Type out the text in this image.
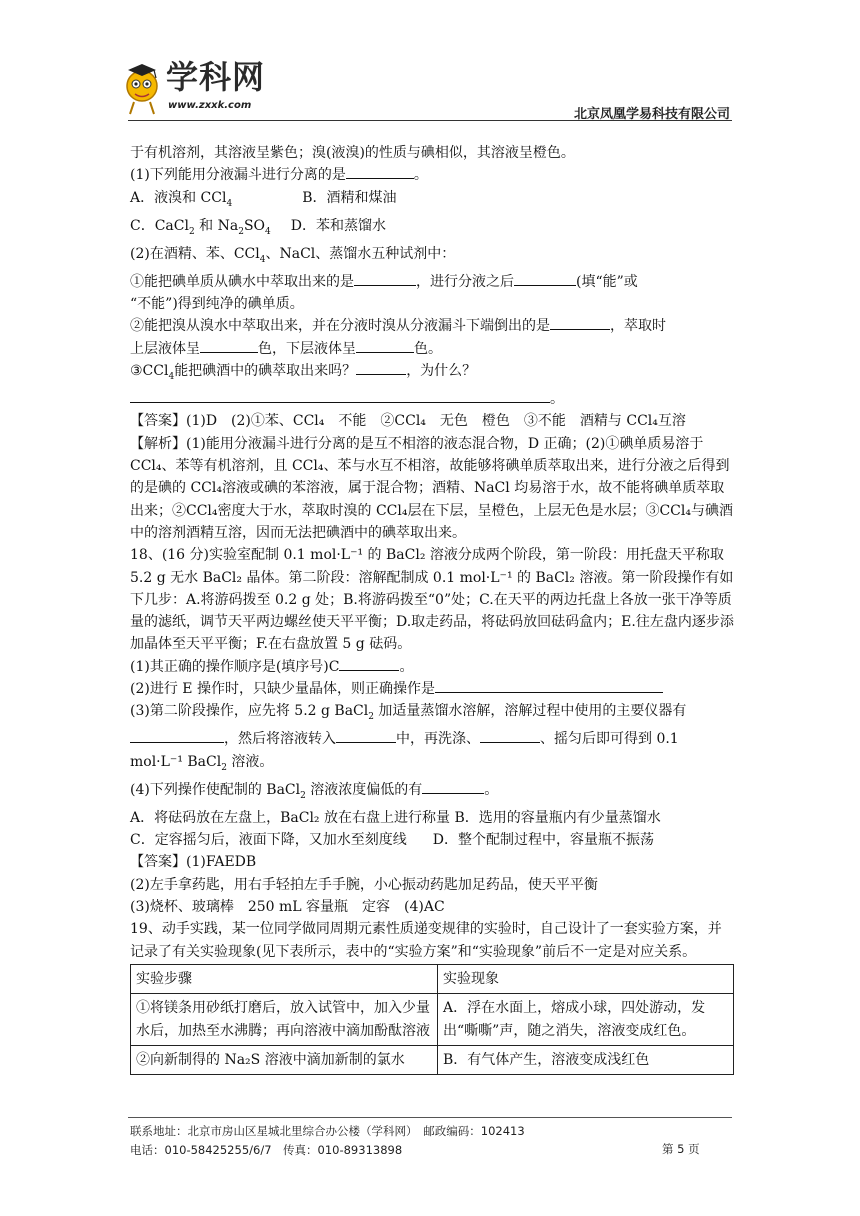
学科网
www.zxxk.com
北京凤凰学易科技有限公司

于有机溶剂，其溶液呈紫色；溴(液溴)的性质与碘相似，其溶液呈橙色。

(1)下列能用分液漏斗进行分离的是	。

A．液溴和 CCl$_4$	B．酒精和煤油

C．CaCl$_2$ 和 $Na_2SO_4$ D．苯和蒸馏水

(2)在酒精、苯、CCl$_4$、NaCl、蒸馏水五种试剂中：

①能把碘单质从碘水中萃取出来的是	，进行分液之后	(填“能”或

“不能”)得到纯净的碘单质。

②能把溴从溴水中萃取出来，并在分液时溴从分液漏斗下端倒出的是	，萃取时

上层液体呈	色，下层液体呈	色。

③CCl$_4$能把碘酒中的碘萃取出来吗？	，为什么？

。

【答案】(1)D　(2)①苯、CCl₄　不能　②CCl₄　无色　橙色　③不能　酒精与 CCl₄互溶

【解析】(1)能用分液漏斗进行分离的是互不相溶的液态混合物，D 正确；(2)①碘单质易溶于 CCl₄、苯等有机溶剂，且 CCl₄、苯与水互不相溶，故能够将碘单质萃取出来，进行分液之后得到的是碘的 CCl₄溶液或碘的苯溶液，属于混合物；酒精、NaCl 均易溶于水，故不能将碘单质萃取出来；②CCl₄密度大于水，萃取时溴的 CCl₄层在下层，呈橙色，上层无色是水层；③CCl₄与碘酒中的溶剂酒精互溶，因而无法把碘酒中的碘萃取出来。

18、(16 分)实验室配制 0.1 mol·L⁻¹ 的 BaCl₂ 溶液分成两个阶段，第一阶段：用托盘天平称取 5.2 g 无水 BaCl₂ 晶体。第二阶段：溶解配制成 0.1 mol·L⁻¹ 的 BaCl₂ 溶液。第一阶段操作有如下几步：A.将游码拨至 0.2 g 处；B.将游码拨至“0”处；C.在天平的两边托盘上各放一张干净等质量的滤纸，调节天平两边螺丝使天平平衡；D.取走药品，将砝码放回砝码盒内；E.往左盘内逐步添加晶体至天平平衡；F.在右盘放置 5 g 砝码。

(1)其正确的操作顺序是(填序号)C	。

(2)进行 E 操作时，只缺少量晶体，则正确操作是

(3)第二阶段操作，应先将 5.2 g BaCl$_2$ 加适量蒸馏水溶解，溶解过程中使用的主要仪器有

，然后将溶液转入	中，再洗涤、	、摇匀后即可得到 0.1

mol·L⁻¹ BaCl$_2$ 溶液。

(4)下列操作使配制的 BaCl$_2$ 溶液浓度偏低的有	。

A．将砝码放在左盘上，BaCl₂ 放在右盘上进行称量 B．选用的容量瓶内有少量蒸馏水

C．定容摇匀后，液面下降，又加水至刻度线 D．整个配制过程中，容量瓶不振荡

【答案】(1)FAEDB

(2)左手拿药匙，用右手轻拍左手手腕，小心振动药匙加足药品，使天平平衡

(3)烧杯、玻璃棒　250 mL 容量瓶　定容　(4)AC

19、动手实践，某一位同学做同周期元素性质递变规律的实验时，自己设计了一套实验方案，并记录了有关实验现象(见下表所示，表中的“实验方案”和“实验现象”前后不一定是对应关系。

实验步骤	实验现象
①将镁条用砂纸打磨后，放入试管中，加入少量水后，加热至水沸腾；再向溶液中滴加酚酞溶液	A．浮在水面上，熔成小球，四处游动，发出“嘶嘶”声，随之消失，溶液变成红色。
②向新制得的 Na₂S 溶液中滴加新制的氯水	B．有气体产生，溶液变成浅红色
联系地址：北京市房山区星城北里综合办公楼（学科网）　邮政编码：102413
电话：010-58425255/6/7　传真：010-89313898	第 5 页
